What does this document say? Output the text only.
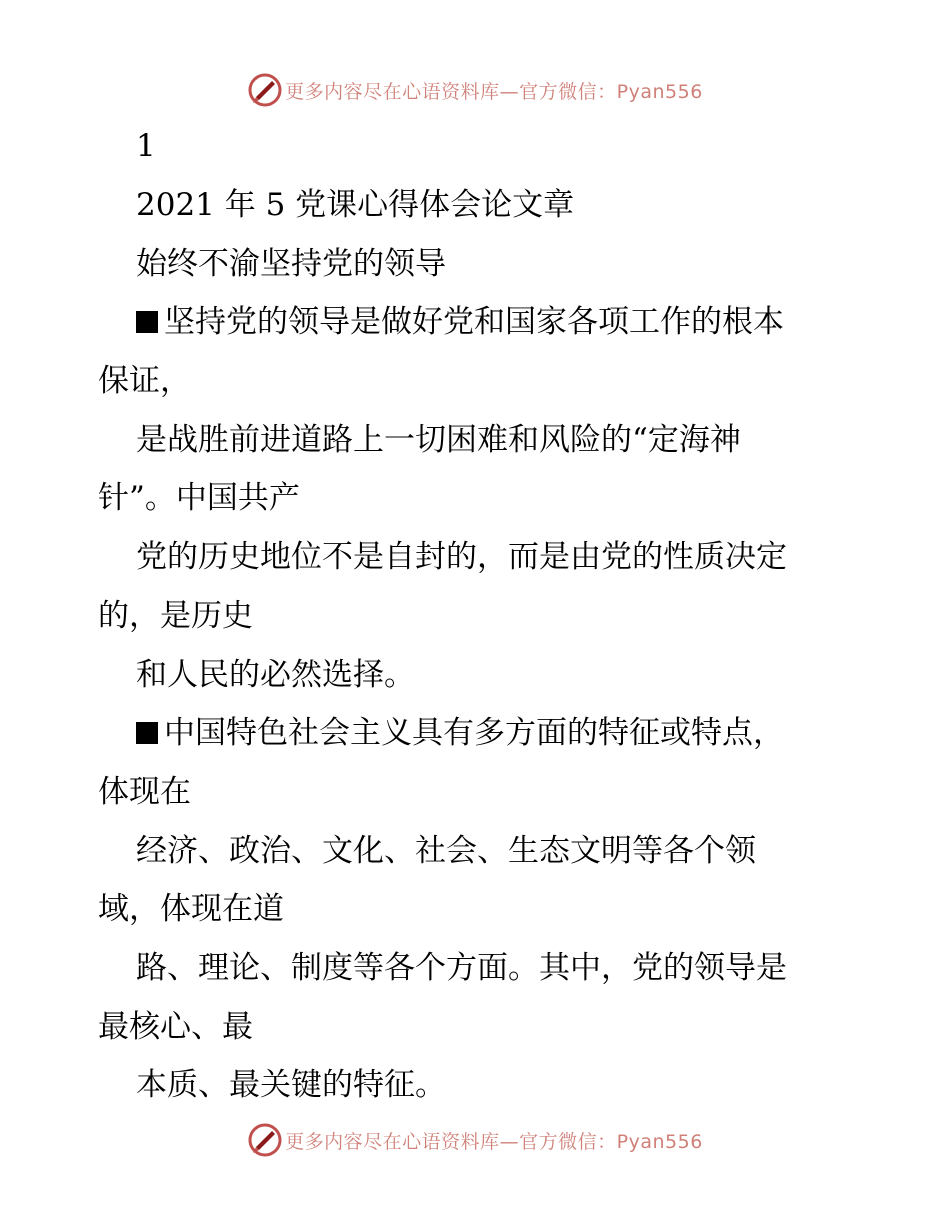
更多内容尽在心语资料库—官方微信：Pyan556
1
2021 年 5 党课心得体会论文章
始终不渝坚持党的领导
坚持党的领导是做好党和国家各项工作的根本
保证，
是战胜前进道路上一切困难和风险的“定海神
针”。中国共产
党的历史地位不是自封的，而是由党的性质决定
的，是历史
和人民的必然选择。
中国特色社会主义具有多方面的特征或特点，
体现在
经济、政治、文化、社会、生态文明等各个领
域，体现在道
路、理论、制度等各个方面。其中，党的领导是
最核心、最
本质、最关键的特征。
更多内容尽在心语资料库—官方微信：Pyan556
